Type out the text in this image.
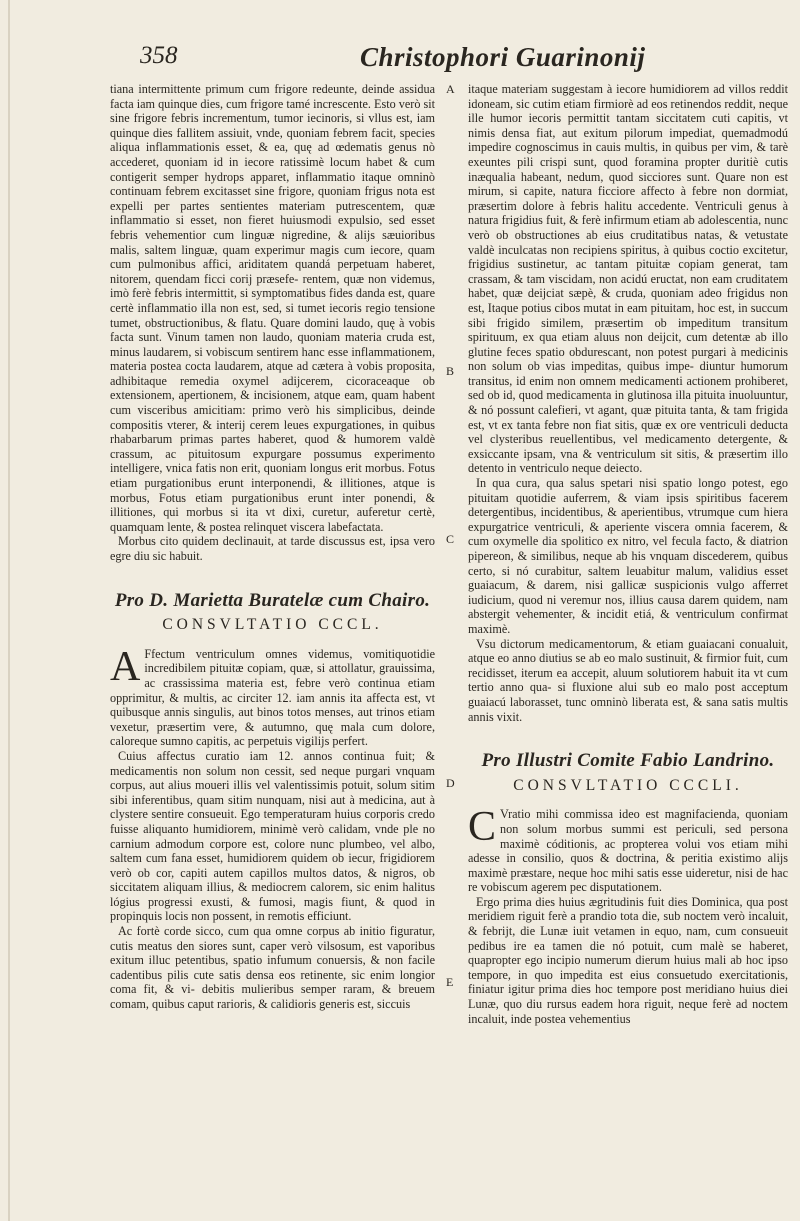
358	Christophori Guarinonij

tiana intermittente primum cum frigore redeunte, deinde assidua facta iam quinque dies, cum frigore tamé increscente. Esto verò sit sine frigore febris incrementum, tumor iecinoris, si vllus est, iam quinque dies fallitem assiuit, vnde, quoniam febrem facit, species aliqua inflammationis esset, & ea, quę ad œdematis genus nò accederet, quoniam id in iecore ratissimè locum habet & cum contigerit semper hydrops apparet, inflammatio itaque omninò continuam febrem excitasset sine frigore, quoniam frigus nota est expelli per partes sentientes materiam putrescentem, quæ inflammatio si esset, non fieret huiusmodi expulsio, sed esset febris vehementior cum linguæ nigredine, & alijs sæuioribus malis, saltem linguæ, quam experimur magis cum iecore, quam cum pulmonibus affici, ariditatem quandá perpetuam haberet, nitorem, quendam ficci corij præsefe- rentem, quæ non videmus, imò ferè febris intermittit, si symptomatibus fides danda est, quare certè inflammatio illa non est, sed, si tumet iecoris regio tensione tumet, obstructionibus, & flatu. Quare domini laudo, quę à vobis facta sunt. Vinum tamen non laudo, quoniam materia cruda est, minus laudarem, si vobiscum sentirem hanc esse inflammationem, materia postea cocta laudarem, atque ad cætera à vobis proposita, adhibitaque remedia oxymel adijcerem, cicoraceaque ob extensionem, apertionem, & incisionem, atque eam, quam habent cum visceribus amicitiam: primo verò his simplicibus, deinde compositis vterer, & interij cerem leues expurgationes, in quibus rhabarbarum primas partes haberet, quod & humorem valdè crassum, ac pituitosum expurgare possumus experimento intelligere, vnica fatis non erit, quoniam longus erit morbus. Fotus etiam purgationibus erunt interponendi, & illitiones, atque is morbus, Fotus etiam purgationibus erunt inter ponendi, & illitiones, qui morbus si ita vt dixi, curetur, auferetur certè, quamquam lente, & postea relinquet viscera labefactata.

Morbus cito quidem declinauit, at tarde discussus est, ipsa vero egre diu sic habuit.

Pro D. Marietta Buratelæ cum Chairo.
CONSVLTATIO CCCL.

A Ffectum ventriculum omnes videmus, vomitiquotidie incredibilem pituitæ copiam, quæ, si attollatur, grauissima, ac crassissima materia est, febre verò continua etiam opprimitur, & multis, ac circiter 12. iam annis ita affecta est, vt quibusque annis singulis, aut binos totos menses, aut trinos etiam vexetur, præsertim vere, & autumno, quę mala cum dolore, caloreque sumno capitis, ac perpetuis vigilijs perfert.

Cuius affectus curatio iam 12. annos continua fuit; & medicamentis non solum non cessit, sed neque purgari vnquam corpus, aut alius moueri illis vel valentissimis potuit, solum sitim sibi inferentibus, quam sitim nunquam, nisi aut à medicina, aut à clystere sentire consueuit. Ego temperaturam huius corporis credo fuisse aliquanto humidiorem, minimè verò calidam, vnde ple no carnium admodum corpore est, colore nunc plumbeo, vel albo, saltem cum fana esset, humidiorem quidem ob iecur, frigidiorem verò ob cor, capiti autem capillos multos datos, & nigros, ob siccitatem aliquam illius, & mediocrem calorem, sic enim halitus lógius progressi exusti, & fumosi, magis fiunt, & quod in propinquis locis non possent, in remotis efficiunt.

Ac fortè corde sicco, cum qua omne corpus ab initio figuratur, cutis meatus den siores sunt, caper verò vilsosum, est vaporibus exitum illuc petentibus, spatio infumum conuersis, & non facile cadentibus pilis cute satis densa eos retinente, sic enim longior coma fit, & vi- debitis mulieribus semper raram, & breuem comam, quibus caput rarioris, & calidioris generis est, siccuis

A
B
C
D
E

itaque materiam suggestam à iecore humidiorem ad villos reddit idoneam, sic cutim etiam firmiorè ad eos retinendos reddit, neque ille humor iecoris permittit tantam siccitatem cuti capitis, vt nimis densa fiat, aut exitum pilorum impediat, quemadmodú impedire cognoscimus in cauis multis, in quibus per vim, & tarè exeuntes pili crispi sunt, quod foramina propter duritiè cutis inæqualia habeant, nedum, quod sicciores sunt. Quare non est mirum, si capite, natura ficciore affecto à febre non dormiat, præsertim dolore à febris halitu accedente. Ventriculi genus à natura frigidius fuit, & ferè infirmum etiam ab adolescentia, nunc verò ob obstructiones ab eius cruditatibus natas, & vetustate valdè inculcatas non recipiens spiritus, à quibus coctio excitetur, frigidius sustinetur, ac tantam pituitæ copiam generat, tam crassam, & tam viscidam, non acidú eructat, non eam cruditatem habet, quæ deijciat sæpè, & cruda, quoniam adeo frigidus non est, Itaque potius cibos mutat in eam pituitam, hoc est, in succum sibi frigido similem, præsertim ob impeditum transitum spirituum, ex qua etiam aluus non deijcit, cum detentæ ab illo glutine feces spatio obdurescant, non potest purgari à medicinis non solum ob vias impeditas, quibus impe- diuntur humorum transitus, id enim non omnem medicamenti actionem prohiberet, sed ob id, quod medicamenta in glutinosa illa pituita inuoluuntur, & nó possunt calefieri, vt agant, quæ pituita tanta, & tam frigida est, vt ex tanta febre non fiat sitis, quæ ex ore ventriculi deducta vel clysteribus reuellentibus, vel medicamento detergente, & exsiccante ipsam, vna & ventriculum sit sitis, & præsertim illo detento in ventriculo neque deiecto.

In qua cura, qua salus spetari nisi spatio longo potest, ego pituitam quotidie auferrem, & viam ipsis spiritibus facerem detergentibus, incidentibus, & aperientibus, vtrumque cum hiera expurgatrice ventriculi, & aperiente viscera omnia facerem, & cum oxymelle dia spolitico ex nitro, vel fecula facto, & diatrion pipereon, & similibus, neque ab his vnquam discederem, quibus certo, si nó curabitur, saltem leuabitur malum, validius esset guaiacum, & darem, nisi gallicæ suspicionis vulgo afferret iudicium, quod ni veremur nos, illius causa darem quidem, nam abstergit vehementer, & incidit etiá, & ventriculum confirmat maximè.

Vsu dictorum medicamentorum, & etiam guaiacani conualuit, atque eo anno diutius se ab eo malo sustinuit, & firmior fuit, cum recidisset, iterum ea accepit, aluum solutiorem habuit ita vt cum tertio anno qua- si fluxione alui sub eo malo post acceptum guaiacú laborasset, tunc omninò liberata est, & sana satis multis annis vixit.

Pro Illustri Comite Fabio Landrino.
CONSVLTATIO CCCLI.

C Vratio mihi commissa ideo est magnifacienda, quoniam non solum morbus summi est periculi, sed persona maximè códitionis, ac propterea volui vos etiam mihi adesse in consilio, quos & doctrina, & peritia existimo alijs maximè præstare, neque hoc mihi satis esse uideretur, nisi de hac re vobiscum agerem pec disputationem.

Ergo prima dies huius ægritudinis fuit dies Dominica, qua post meridiem riguit ferè a prandio tota die, sub noctem verò incaluit, & febrijt, die Lunæ iuit vetamen in equo, nam, cum consueuit pedibus ire ea tamen die nó potuit, cum malè se haberet, quapropter ego incipio numerum dierum huius mali ab hoc ipso tempore, in quo impedita est eius consuetudo exercitationis, finiatur igitur prima dies hoc tempore post meridiano huius diei Lunæ, quo diu rursus eadem hora riguit, neque ferè ad noctem incaluit, inde postea vehementius
